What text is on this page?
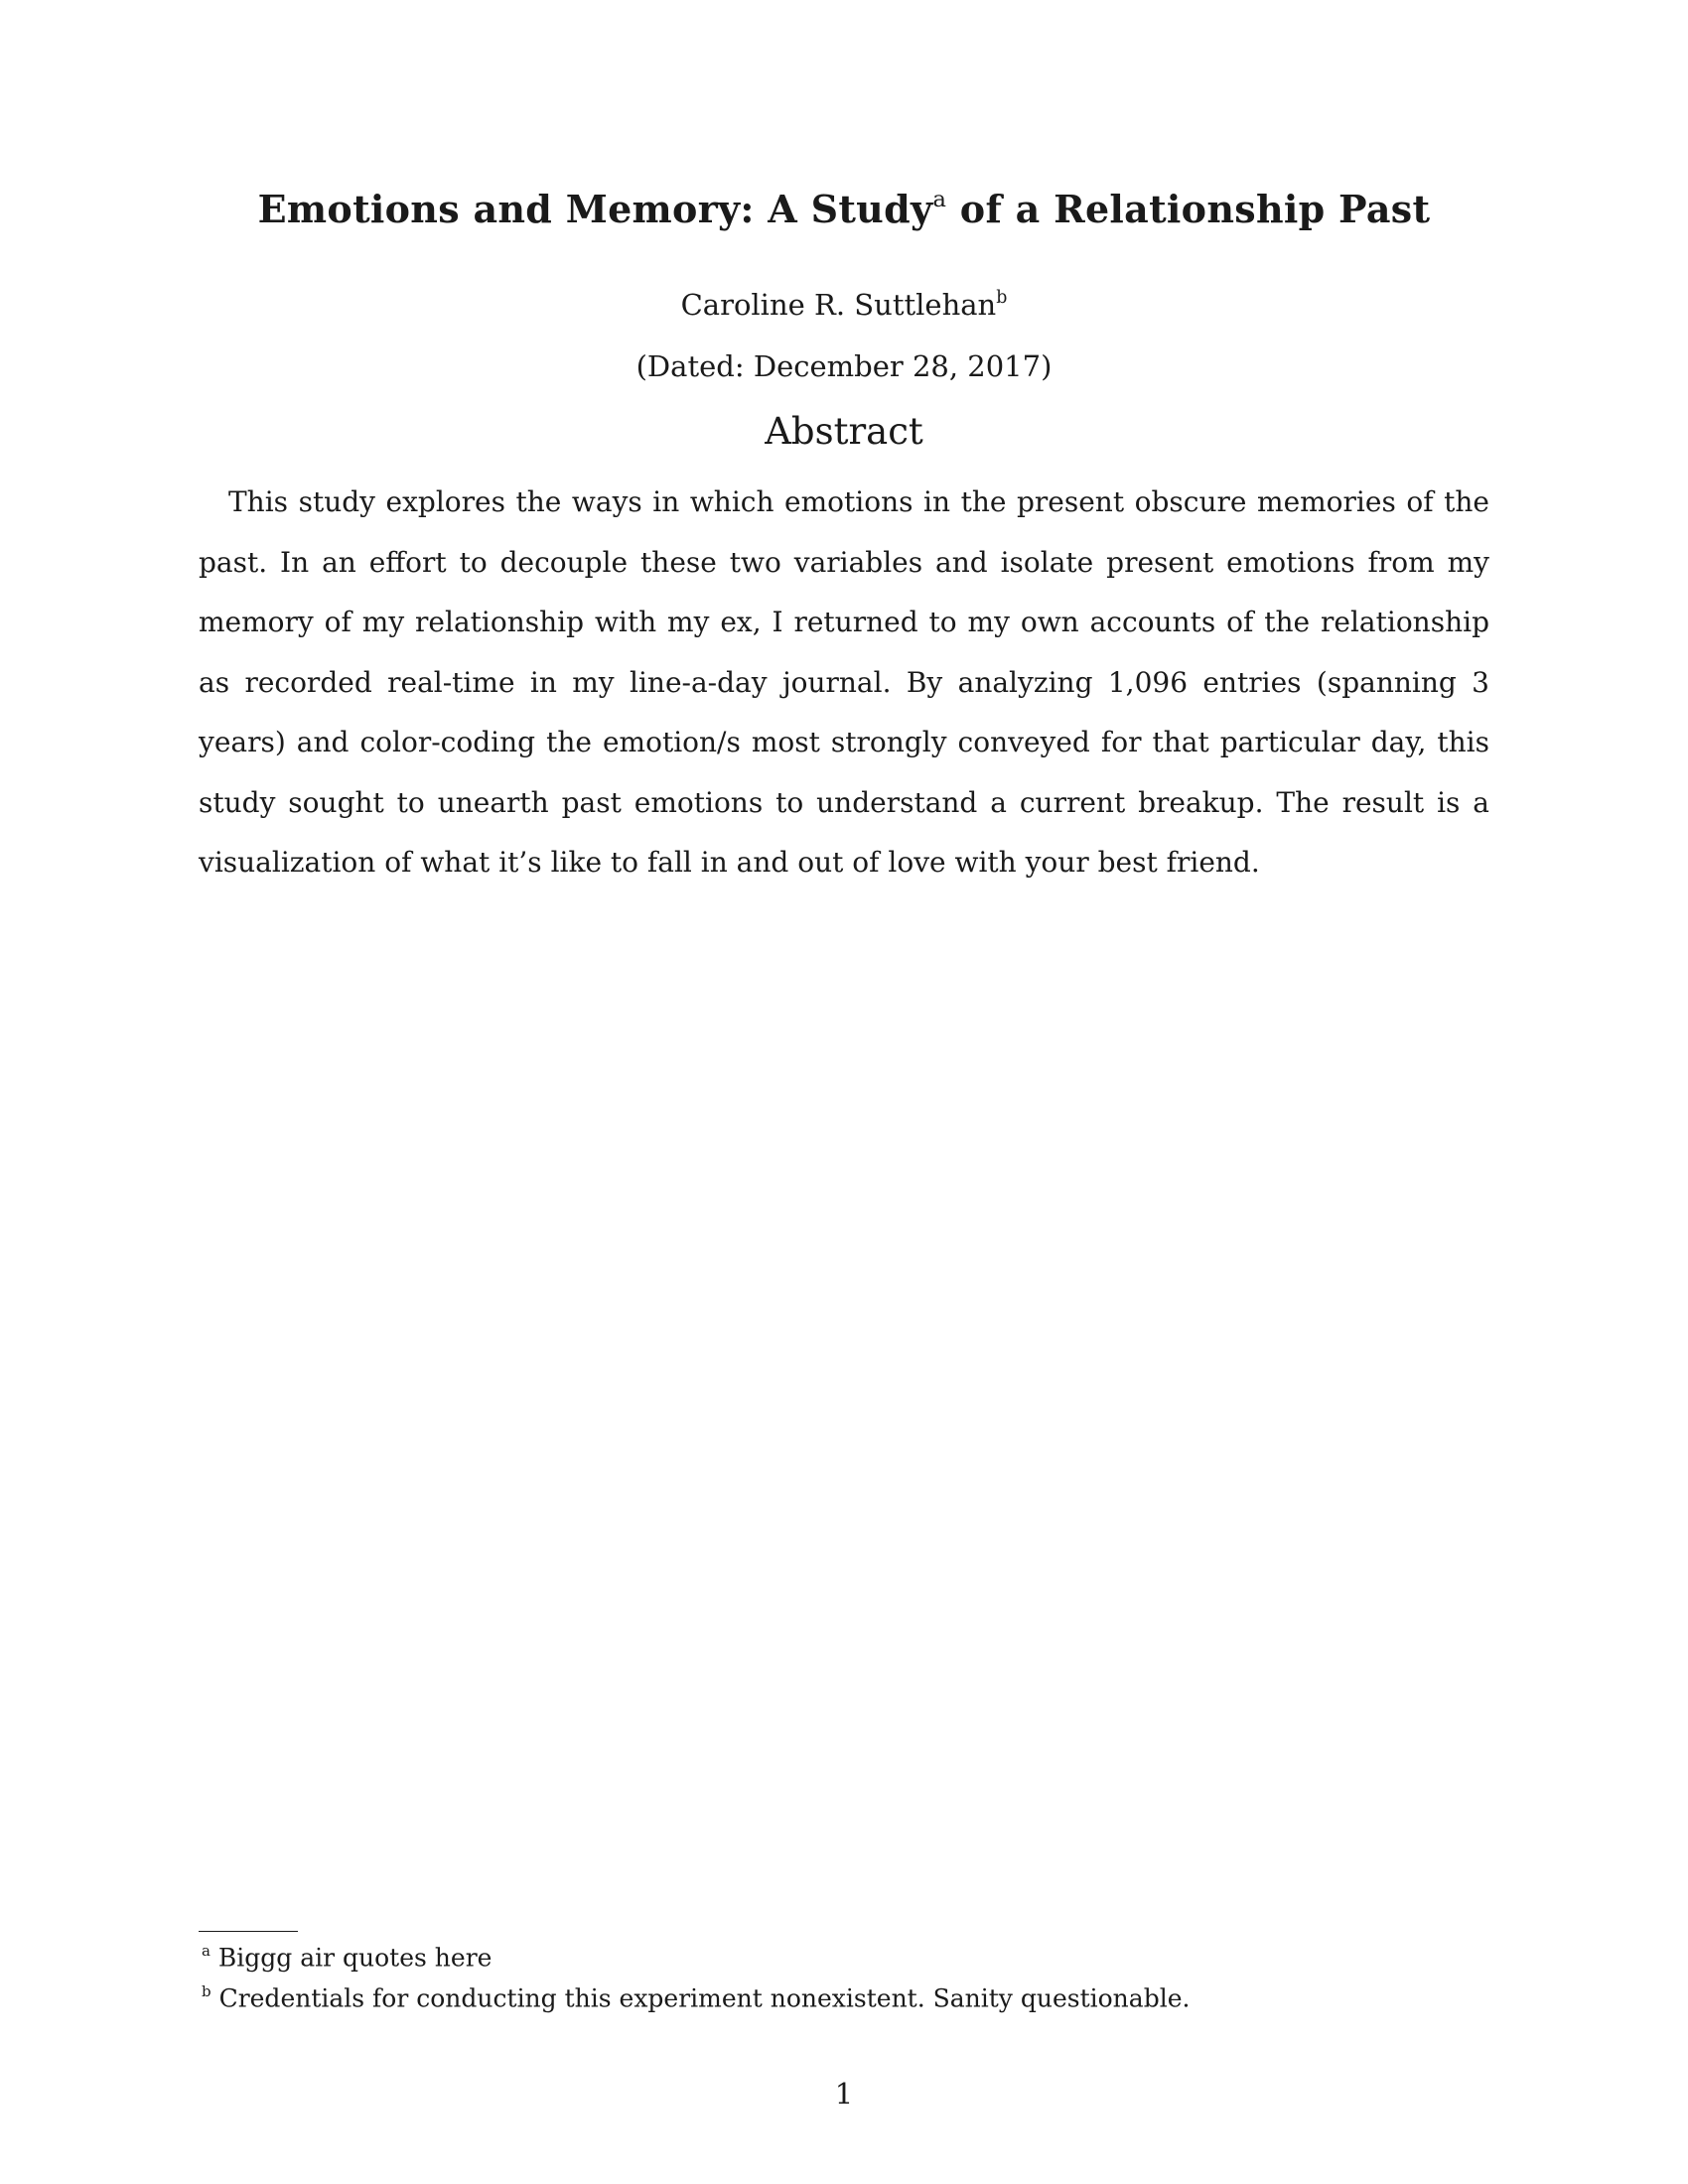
Emotions and Memory: A Study$^a$ of a Relationship Past

Caroline R. Suttlehan$^b$

(Dated: December 28, 2017)

Abstract

This study explores the ways in which emotions in the present obscure memories of the past. In an effort to decouple these two variables and isolate present emotions from my memory of my relationship with my ex, I returned to my own accounts of the relationship as recorded real-time in my line-a-day journal. By analyzing 1,096 entries (spanning 3 years) and color-coding the emotion/s most strongly conveyed for that particular day, this study sought to unearth past emotions to understand a current breakup. The result is a visualization of what it’s like to fall in and out of love with your best friend.

$^a$ Biggg air quotes here

$^b$ Credentials for conducting this experiment nonexistent. Sanity questionable.

1
